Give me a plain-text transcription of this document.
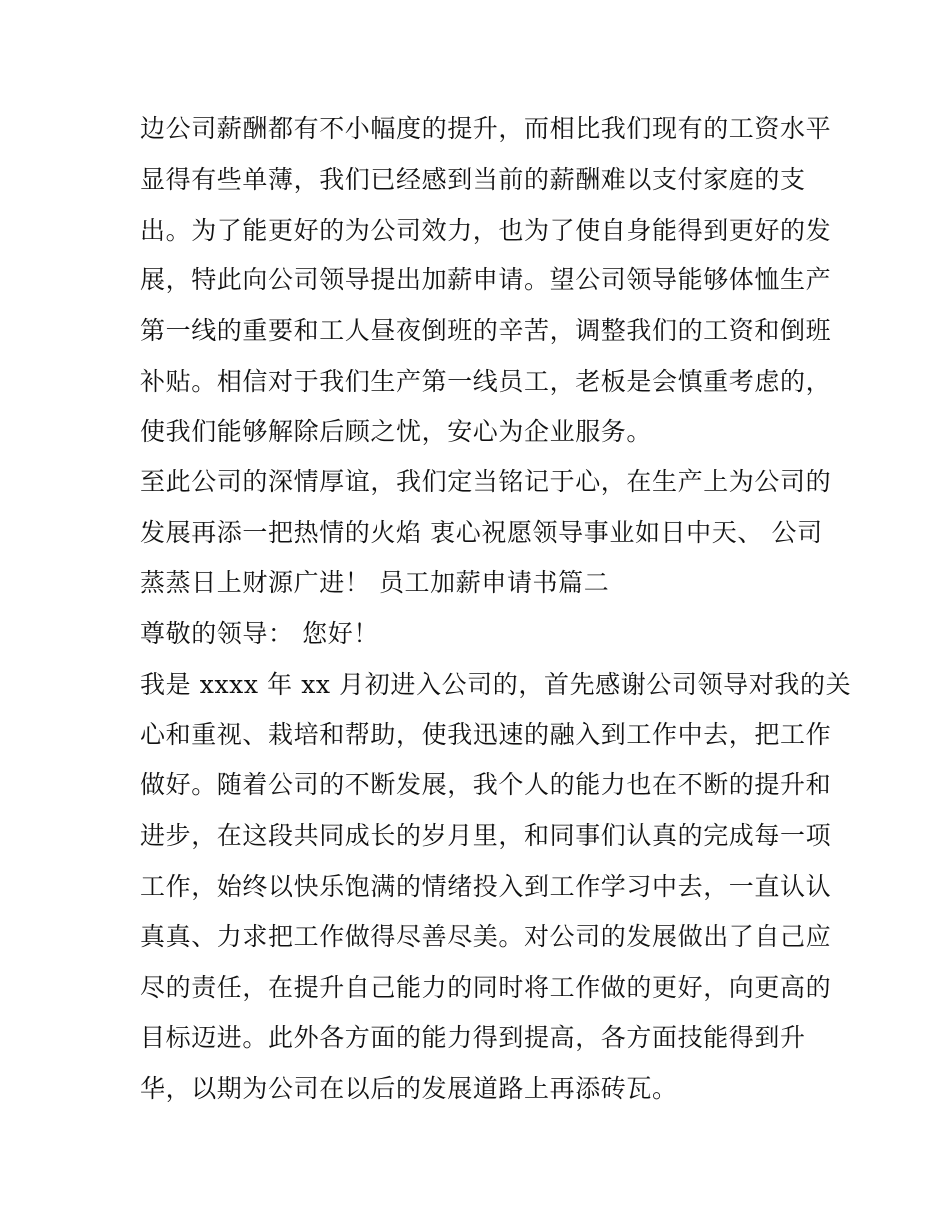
边公司薪酬都有不小幅度的提升，而相比我们现有的工资水平
显得有些单薄，我们已经感到当前的薪酬难以支付家庭的支
出。为了能更好的为公司效力，也为了使自身能得到更好的发
展，特此向公司领导提出加薪申请。望公司领导能够体恤生产
第一线的重要和工人昼夜倒班的辛苦，调整我们的工资和倒班
补贴。相信对于我们生产第一线员工，老板是会慎重考虑的，
使我们能够解除后顾之忧，安心为企业服务。
至此公司的深情厚谊，我们定当铭记于心，在生产上为公司的
发展再添一把热情的火焰 衷心祝愿领导事业如日中天、 公司
蒸蒸日上财源广进！ 员工加薪申请书篇二
尊敬的领导： 您好！
我是 xxxx 年 xx 月初进入公司的，首先感谢公司领导对我的关
心和重视、栽培和帮助，使我迅速的融入到工作中去，把工作
做好。随着公司的不断发展，我个人的能力也在不断的提升和
进步，在这段共同成长的岁月里，和同事们认真的完成每一项
工作，始终以快乐饱满的情绪投入到工作学习中去，一直认认
真真、力求把工作做得尽善尽美。对公司的发展做出了自己应
尽的责任，在提升自己能力的同时将工作做的更好，向更高的
目标迈进。此外各方面的能力得到提高，各方面技能得到升
华，以期为公司在以后的发展道路上再添砖瓦。
